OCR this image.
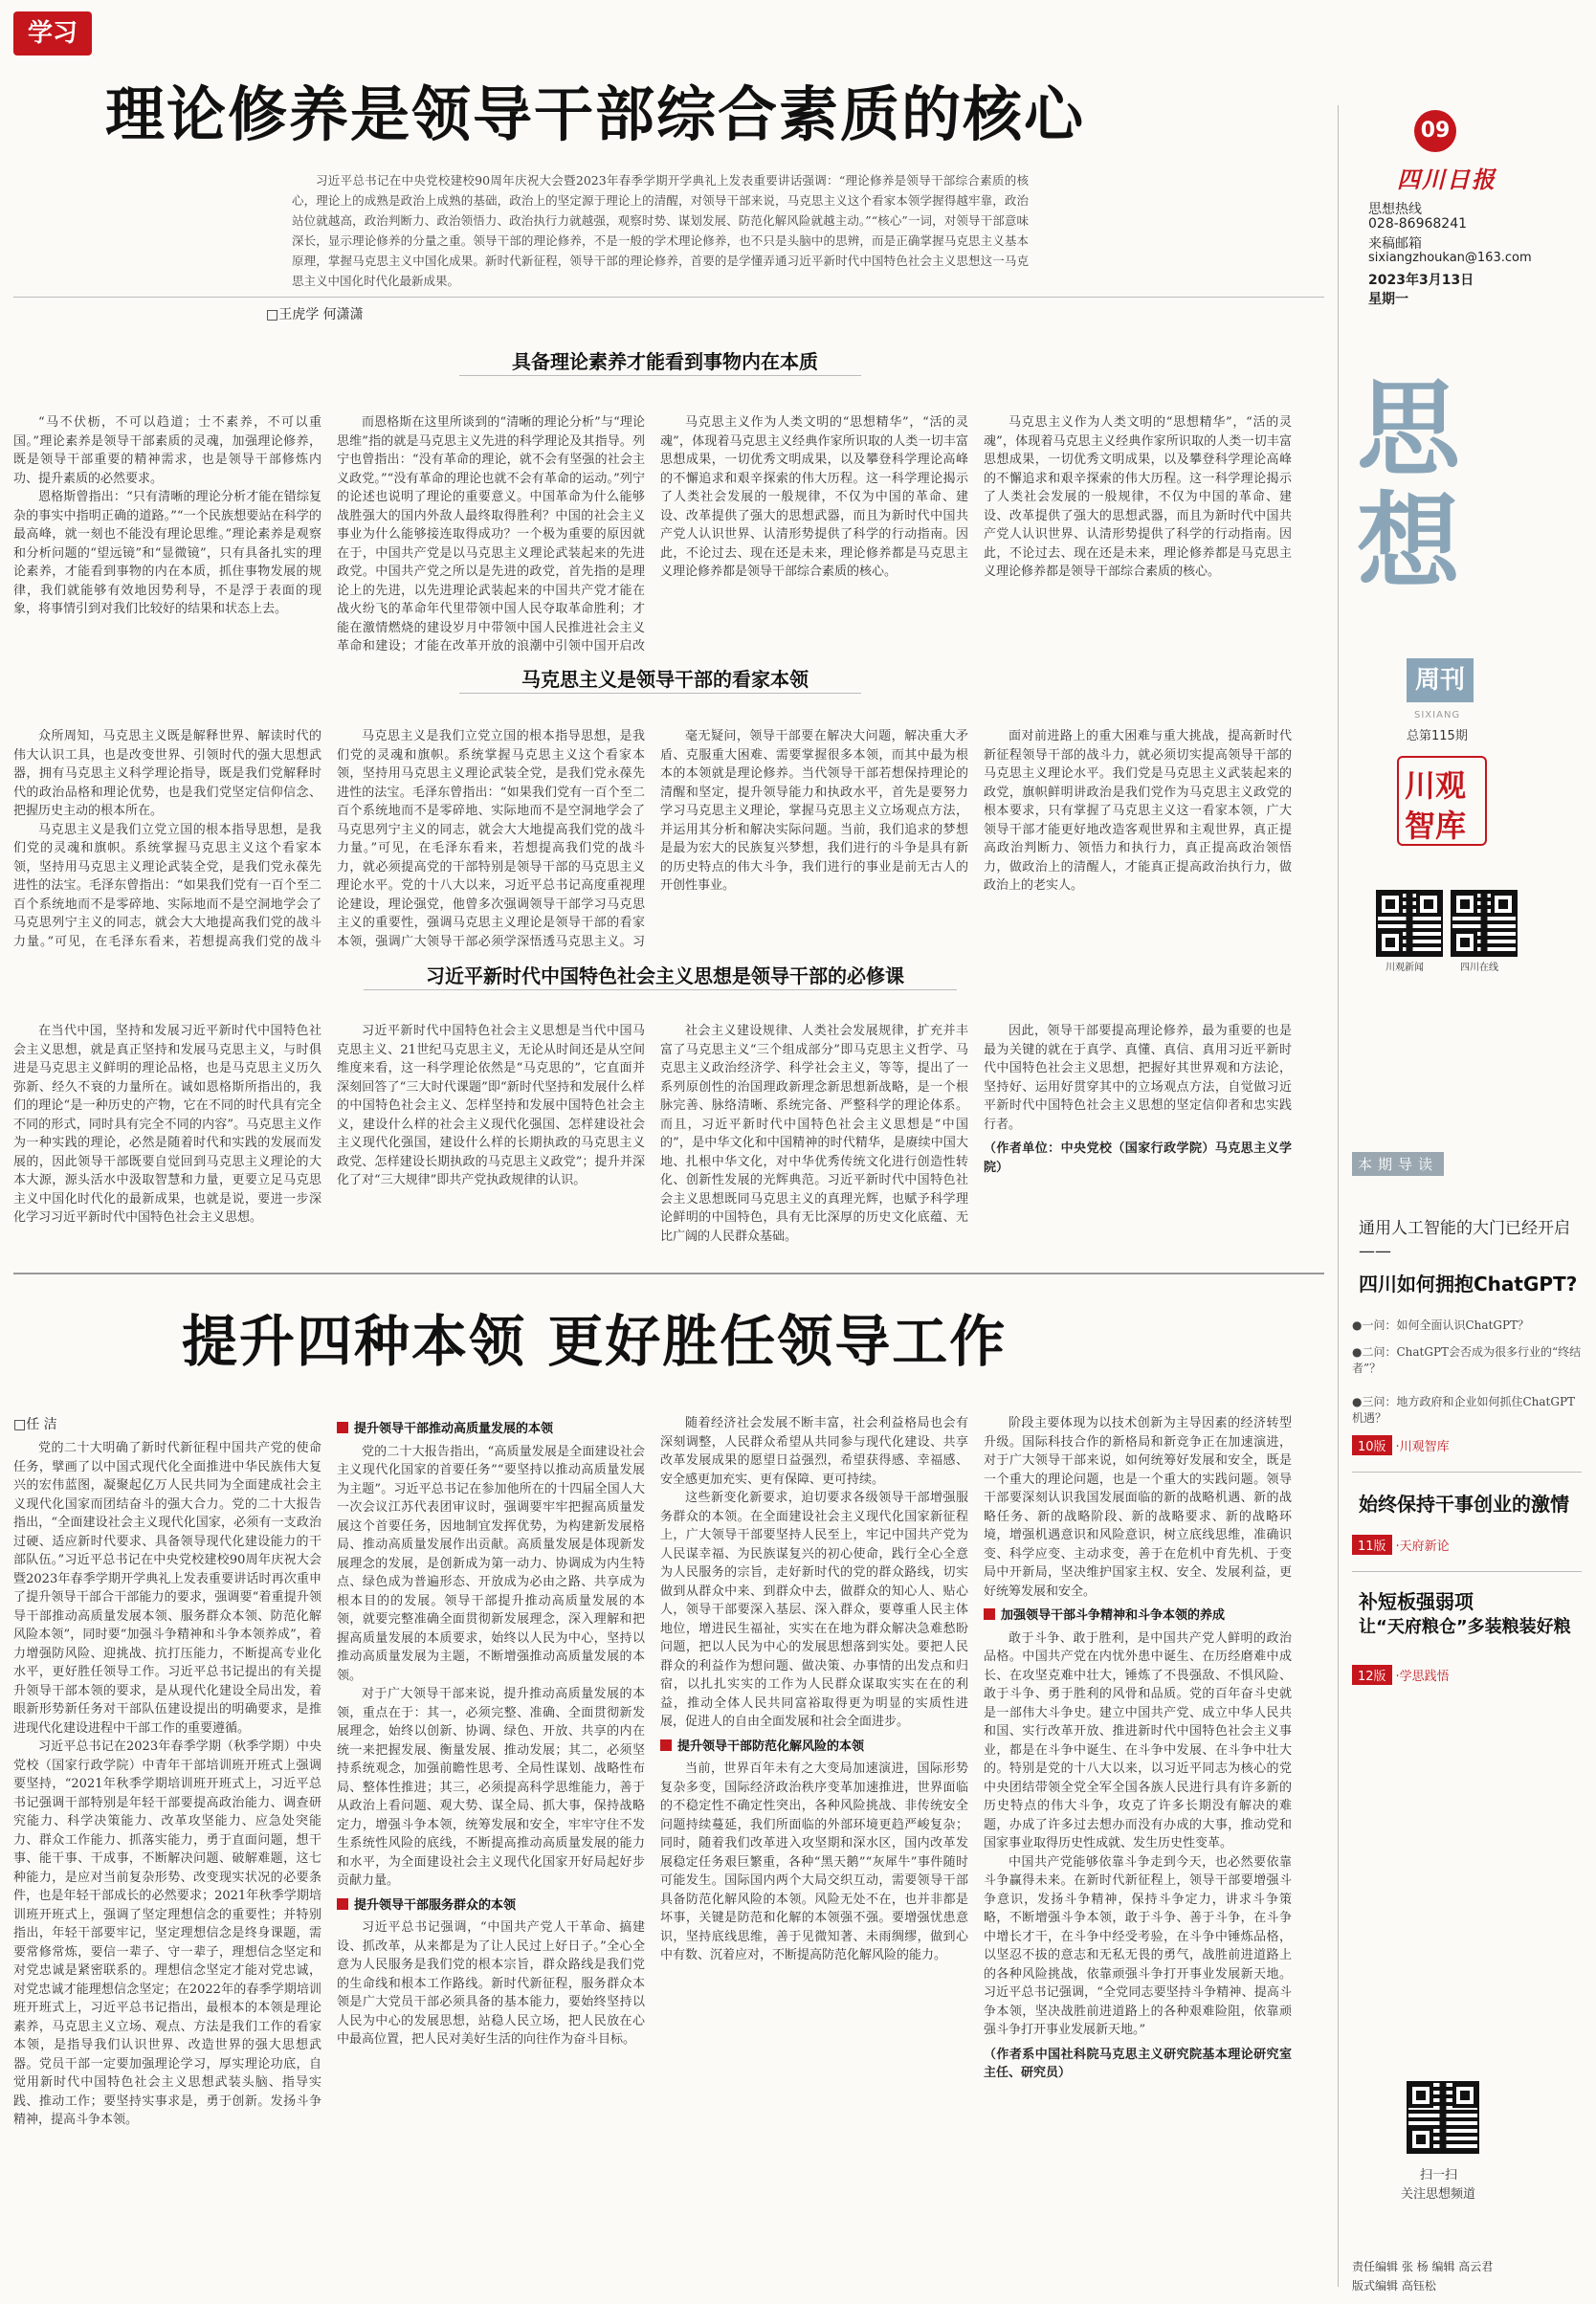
学习
理论修养是领导干部综合素质的核心

习近平总书记在中央党校建校90周年庆祝大会暨2023年春季学期开学典礼上发表重要讲话强调：“理论修养是领导干部综合素质的核心，理论上的成熟是政治上成熟的基础，政治上的坚定源于理论上的清醒，对领导干部来说，马克思主义这个看家本领学握得越牢靠，政治站位就越高，政治判断力、政治领悟力、政治执行力就越强，观察时势、谋划发展、防范化解风险就越主动。”“核心”一词，对领导干部意味深长，显示理论修养的分量之重。领导干部的理论修养，不是一般的学术理论修养，也不只是头脑中的思辨，而是正确掌握马克思主义基本原理，掌握马克思主义中国化成果。新时代新征程，领导干部的理论修养，首要的是学懂弄通习近平新时代中国特色社会主义思想这一马克思主义中国化时代化最新成果。

□王虎学 何潇潇
具备理论素养才能看到事物内在本质

“马不伏枥，不可以趋道；士不素养，不可以重国。”理论素养是领导干部素质的灵魂，加强理论修养，既是领导干部重要的精神需求，也是领导干部修炼内功、提升素质的必然要求。

恩格斯曾指出：“只有清晰的理论分析才能在错综复杂的事实中指明正确的道路。”“一个民族想要站在科学的最高峰，就一刻也不能没有理论思维。”理论素养是观察和分析问题的“望远镜”和“显微镜”，只有具备扎实的理论素养，才能看到事物的内在本质，抓住事物发展的规律，我们就能够有效地因势利导，不是浮于表面的现象，将事情引到对我们比较好的结果和状态上去。

而恩格斯在这里所谈到的“清晰的理论分析”与“理论思维”指的就是马克思主义先进的科学理论及其指导。列宁也曾指出：“没有革命的理论，就不会有坚强的社会主义政党。”“没有革命的理论也就不会有革命的运动。”列宁的论述也说明了理论的重要意义。中国革命为什么能够战胜强大的国内外敌人最终取得胜利？中国的社会主义事业为什么能够接连取得成功？一个极为重要的原因就在于，中国共产党是以马克思主义理论武装起来的先进政党。中国共产党之所以是先进的政党，首先指的是理论上的先进，以先进理论武装起来的中国共产党才能在战火纷飞的革命年代里带领中国人民夺取革命胜利；才能在激情燃烧的建设岁月中带领中国人民推进社会主义革命和建设；才能在改革开放的浪潮中引领中国开启改

马克思主义作为人类文明的“思想精华”，“活的灵魂”，体现着马克思主义经典作家所识取的人类一切丰富思想成果，一切优秀文明成果，以及攀登科学理论高峰的不懈追求和艰辛探索的伟大历程。这一科学理论揭示了人类社会发展的一般规律，不仅为中国的革命、建设、改革提供了强大的思想武器，而且为新时代中国共产党人认识世界、认清形势提供了科学的行动指南。因此，不论过去、现在还是未来，理论修养都是马克思主义理论修养都是领导干部综合素质的核心。

马克思主义作为人类文明的“思想精华”，“活的灵魂”，体现着马克思主义经典作家所识取的人类一切丰富思想成果，一切优秀文明成果，以及攀登科学理论高峰的不懈追求和艰辛探索的伟大历程。这一科学理论揭示了人类社会发展的一般规律，不仅为中国的革命、建设、改革提供了强大的思想武器，而且为新时代中国共产党人认识世界、认清形势提供了科学的行动指南。因此，不论过去、现在还是未来，理论修养都是马克思主义理论修养都是领导干部综合素质的核心。

马克思主义是领导干部的看家本领

众所周知，马克思主义既是解释世界、解读时代的伟大认识工具，也是改变世界、引领时代的强大思想武器，拥有马克思主义科学理论指导，既是我们党解释时代的政治品格和理论优势，也是我们党坚定信仰信念、把握历史主动的根本所在。

马克思主义是我们立党立国的根本指导思想，是我们党的灵魂和旗帜。系统掌握马克思主义这个看家本领，坚持用马克思主义理论武装全党，是我们党永葆先进性的法宝。毛泽东曾指出：“如果我们党有一百个至二百个系统地而不是零碎地、实际地而不是空洞地学会了马克思列宁主义的同志，就会大大地提高我们党的战斗力量。”可见，在毛泽东看来，若想提高我们党的战斗

马克思主义是我们立党立国的根本指导思想，是我们党的灵魂和旗帜。系统掌握马克思主义这个看家本领，坚持用马克思主义理论武装全党，是我们党永葆先进性的法宝。毛泽东曾指出：“如果我们党有一百个至二百个系统地而不是零碎地、实际地而不是空洞地学会了马克思列宁主义的同志，就会大大地提高我们党的战斗力量。”可见，在毛泽东看来，若想提高我们党的战斗力，就必须提高党的干部特别是领导干部的马克思主义理论水平。党的十八大以来，习近平总书记高度重视理论建设，理论强党，他曾多次强调领导干部学习马克思主义的重要性，强调马克思主义理论是领导干部的看家本领，强调广大领导干部必须学深悟透马克思主义。习

毫无疑问，领导干部要在解决大问题，解决重大矛盾、克服重大困难、需要掌握很多本领，而其中最为根本的本领就是理论修养。当代领导干部若想保持理论的清醒和坚定，提升领导能力和执政水平，首先是要努力学习马克思主义理论，掌握马克思主义立场观点方法，并运用其分析和解决实际问题。当前，我们追求的梦想是最为宏大的民族复兴梦想，我们进行的斗争是具有新的历史特点的伟大斗争，我们进行的事业是前无古人的开创性事业。

面对前进路上的重大困难与重大挑战，提高新时代新征程领导干部的战斗力，就必须切实提高领导干部的马克思主义理论水平。我们党是马克思主义武装起来的政党，旗帜鲜明讲政治是我们党作为马克思主义政党的根本要求，只有掌握了马克思主义这一看家本领，广大领导干部才能更好地改造客观世界和主观世界，真正提高政治判断力、领悟力和执行力，真正提高政治领悟力，做政治上的清醒人，才能真正提高政治执行力，做政治上的老实人。

习近平新时代中国特色社会主义思想是领导干部的必修课

在当代中国，坚持和发展习近平新时代中国特色社会主义思想，就是真正坚持和发展马克思主义，与时俱进是马克思主义鲜明的理论品格，也是马克思主义历久弥新、经久不衰的力量所在。诚如恩格斯所指出的，我们的理论“是一种历史的产物，它在不同的时代具有完全不同的形式，同时具有完全不同的内容”。马克思主义作为一种实践的理论，必然是随着时代和实践的发展而发展的，因此领导干部既要自觉回到马克思主义理论的大本大源，源头活水中汲取智慧和力量，更要立足马克思主义中国化时代化的最新成果，也就是说，要进一步深化学习习近平新时代中国特色社会主义思想。

习近平新时代中国特色社会主义思想是当代中国马克思主义、21世纪马克思主义，无论从时间还是从空间维度来看，这一科学理论依然是“马克思的”，它直面并深刻回答了“三大时代课题”即“新时代坚持和发展什么样的中国特色社会主义、怎样坚持和发展中国特色社会主义，建设什么样的社会主义现代化强国、怎样建设社会主义现代化强国，建设什么样的长期执政的马克思主义政党、怎样建设长期执政的马克思主义政党”；提升并深化了对“三大规律”即共产党执政规律的认识。

社会主义建设规律、人类社会发展规律，扩充并丰富了马克思主义“三个组成部分”即马克思主义哲学、马克思主义政治经济学、科学社会主义，等等，提出了一系列原创性的治国理政新理念新思想新战略，是一个根脉完善、脉络清晰、系统完备、严整科学的理论体系。而且，习近平新时代中国特色社会主义思想是“中国的”，是中华文化和中国精神的时代精华，是赓续中国大地、扎根中华文化，对中华优秀传统文化进行创造性转化、创新性发展的光辉典范。习近平新时代中国特色社会主义思想既同马克思主义的真理光辉，也赋予科学理论鲜明的中国特色，具有无比深厚的历史文化底蕴、无比广阔的人民群众基础。

因此，领导干部要提高理论修养，最为重要的也是最为关键的就在于真学、真懂、真信、真用习近平新时代中国特色社会主义思想，把握好其世界观和方法论，坚持好、运用好贯穿其中的立场观点方法，自觉做习近平新时代中国特色社会主义思想的坚定信仰者和忠实践行者。

（作者单位：中央党校（国家行政学院）马克思主义学院）

提升四种本领 更好胜任领导工作
□任 洁

党的二十大明确了新时代新征程中国共产党的使命任务，擘画了以中国式现代化全面推进中华民族伟大复兴的宏伟蓝图，凝聚起亿万人民共同为全面建成社会主义现代化国家而团结奋斗的强大合力。党的二十大报告指出，“全面建设社会主义现代化国家，必须有一支政治过硬、适应新时代要求、具备领导现代化建设能力的干部队伍。”习近平总书记在中央党校建校90周年庆祝大会暨2023年春季学期开学典礼上发表重要讲话时再次重申了提升领导干部合干部能力的要求，强调要“着重提升领导干部推动高质量发展本领、服务群众本领、防范化解风险本领”，同时要“加强斗争精神和斗争本领养成”，着力增强防风险、迎挑战、抗打压能力，不断提高专业化水平，更好胜任领导工作。习近平总书记提出的有关提升领导干部本领的要求，是从现代化建设全局出发，着眼新形势新任务对干部队伍建设提出的明确要求，是推进现代化建设进程中干部工作的重要遵循。

习近平总书记在2023年春季学期（秋季学期）中央党校（国家行政学院）中青年干部培训班开班式上强调要坚持，“2021年秋季学期培训班开班式上，习近平总书记强调干部特别是年轻干部要提高政治能力、调查研究能力、科学决策能力、改革攻坚能力、应急处突能力、群众工作能力、抓落实能力，勇于直面问题，想干事、能干事、干成事，不断解决问题、破解难题，这七种能力，是应对当前复杂形势、改变现实状况的必要条件，也是年轻干部成长的必然要求；2021年秋季学期培训班开班式上，强调了坚定理想信念的重要性；并特别指出，年轻干部要牢记，坚定理想信念是终身课题，需要常修常炼，要信一辈子、守一辈子，理想信念坚定和对党忠诚是紧密联系的。理想信念坚定才能对党忠诚，对党忠诚才能理想信念坚定；在2022年的春季学期培训班开班式上，习近平总书记指出，最根本的本领是理论素养，马克思主义立场、观点、方法是我们工作的看家本领，是指导我们认识世界、改造世界的强大思想武器。党员干部一定要加强理论学习，厚实理论功底，自觉用新时代中国特色社会主义思想武装头脑、指导实践、推动工作；要坚持实事求是，勇于创新。发扬斗争精神，提高斗争本领。

提升领导干部推动高质量发展的本领

党的二十大报告指出，“高质量发展是全面建设社会主义现代化国家的首要任务”“要坚持以推动高质量发展为主题”。习近平总书记在参加他所在的十四届全国人大一次会议江苏代表团审议时，强调要牢牢把握高质量发展这个首要任务，因地制宜发挥优势，为构建新发展格局、推动高质量发展作出贡献。高质量发展是体现新发展理念的发展，是创新成为第一动力、协调成为内生特点、绿色成为普遍形态、开放成为必由之路、共享成为根本目的的发展。领导干部提升推动高质量发展的本领，就要完整准确全面贯彻新发展理念，深入理解和把握高质量发展的本质要求，始终以人民为中心，坚持以推动高质量发展为主题，不断增强推动高质量发展的本领。

对于广大领导干部来说，提升推动高质量发展的本领，重点在于：其一，必须完整、准确、全面贯彻新发展理念，始终以创新、协调、绿色、开放、共享的内在统一来把握发展、衡量发展、推动发展；其二，必须坚持系统观念，加强前瞻性思考、全局性谋划、战略性布局、整体性推进；其三，必须提高科学思维能力，善于从政治上看问题、观大势、谋全局、抓大事，保持战略定力，增强斗争本领，统筹发展和安全，牢牢守住不发生系统性风险的底线，不断提高推动高质量发展的能力和水平，为全面建设社会主义现代化国家开好局起好步贡献力量。

提升领导干部服务群众的本领

习近平总书记强调，“中国共产党人干革命、搞建设、抓改革，从来都是为了让人民过上好日子。”全心全意为人民服务是我们党的根本宗旨，群众路线是我们党的生命线和根本工作路线。新时代新征程，服务群众本领是广大党员干部必须具备的基本能力，要始终坚持以人民为中心的发展思想，站稳人民立场，把人民放在心中最高位置，把人民对美好生活的向往作为奋斗目标。

随着经济社会发展不断丰富，社会利益格局也会有深刻调整，人民群众希望从共同参与现代化建设、共享改革发展成果的愿望日益强烈，希望获得感、幸福感、安全感更加充实、更有保障、更可持续。

这些新变化新要求，迫切要求各级领导干部增强服务群众的本领。在全面建设社会主义现代化国家新征程上，广大领导干部要坚持人民至上，牢记中国共产党为人民谋幸福、为民族谋复兴的初心使命，践行全心全意为人民服务的宗旨，走好新时代的党的群众路线，切实做到从群众中来、到群众中去，做群众的知心人、贴心人，领导干部要深入基层、深入群众，要尊重人民主体地位，增进民生福祉，实实在在地为群众解决急难愁盼问题，把以人民为中心的发展思想落到实处。要把人民群众的利益作为想问题、做决策、办事情的出发点和归宿，以扎扎实实的工作为人民群众谋取实实在在的利益，推动全体人民共同富裕取得更为明显的实质性进展，促进人的自由全面发展和社会全面进步。

提升领导干部防范化解风险的本领

当前，世界百年未有之大变局加速演进，国际形势复杂多变，国际经济政治秩序变革加速推进，世界面临的不稳定性不确定性突出，各种风险挑战、非传统安全问题持续蔓延，我们所面临的外部环境更趋严峻复杂；同时，随着我们改革进入攻坚期和深水区，国内改革发展稳定任务艰巨繁重，各种“黑天鹅”“灰犀牛”事件随时可能发生。国际国内两个大局交织互动，需要领导干部具备防范化解风险的本领。风险无处不在，也并非都是坏事，关键是防范和化解的本领强不强。要增强忧患意识，坚持底线思维，善于见微知著、未雨绸缪，做到心中有数、沉着应对，不断提高防范化解风险的能力。

阶段主要体现为以技术创新为主导因素的经济转型升级。国际科技合作的新格局和新竞争正在加速演进，对于广大领导干部来说，如何统筹好发展和安全，既是一个重大的理论问题，也是一个重大的实践问题。领导干部要深刻认识我国发展面临的新的战略机遇、新的战略任务、新的战略阶段、新的战略要求、新的战略环境，增强机遇意识和风险意识，树立底线思维，准确识变、科学应变、主动求变，善于在危机中育先机、于变局中开新局，坚决维护国家主权、安全、发展利益，更好统筹发展和安全。

加强领导干部斗争精神和斗争本领的养成

敢于斗争、敢于胜利，是中国共产党人鲜明的政治品格。中国共产党在内忧外患中诞生、在历经磨难中成长、在攻坚克难中壮大，锤炼了不畏强敌、不惧风险、敢于斗争、勇于胜利的风骨和品质。党的百年奋斗史就是一部伟大斗争史。建立中国共产党、成立中华人民共和国、实行改革开放、推进新时代中国特色社会主义事业，都是在斗争中诞生、在斗争中发展、在斗争中壮大的。特别是党的十八大以来，以习近平同志为核心的党中央团结带领全党全军全国各族人民进行具有许多新的历史特点的伟大斗争，攻克了许多长期没有解决的难题，办成了许多过去想办而没有办成的大事，推动党和国家事业取得历史性成就、发生历史性变革。

中国共产党能够依靠斗争走到今天，也必然要依靠斗争赢得未来。在新时代新征程上，领导干部要增强斗争意识，发扬斗争精神，保持斗争定力，讲求斗争策略，不断增强斗争本领，敢于斗争、善于斗争，在斗争中增长才干，在斗争中经受考验，在斗争中锤炼品格，以坚忍不拔的意志和无私无畏的勇气，战胜前进道路上的各种风险挑战，依靠顽强斗争打开事业发展新天地。习近平总书记强调，“全党同志要坚持斗争精神、提高斗争本领，坚决战胜前进道路上的各种艰难险阻，依靠顽强斗争打开事业发展新天地。”

（作者系中国社科院马克思主义研究院基本理论研究室主任、研究员）

09
四川日报
思想热线
028-86968241
来稿邮箱
sixiangzhoukan@163.com
2023年3月13日
星期一
思想
周刊
SIXIANG
总第115期
川观
智库
川观新闻	四川在线
本期导读
通用人工智能的大门已经开启——
四川如何拥抱ChatGPT?
●一问：如何全面认识ChatGPT？
●二问：ChatGPT会否成为很多行业的“终结者”？
●三问：地方政府和企业如何抓住ChatGPT机遇？
10版 ·川观智库
始终保持干事创业的激情
11版 ·天府新论
补短板强弱项
让“天府粮仓”多装粮装好粮
12版 ·学思践悟
扫一扫
关注思想频道
责任编辑 张 杨 编辑 高云君
版式编辑 高钰松
